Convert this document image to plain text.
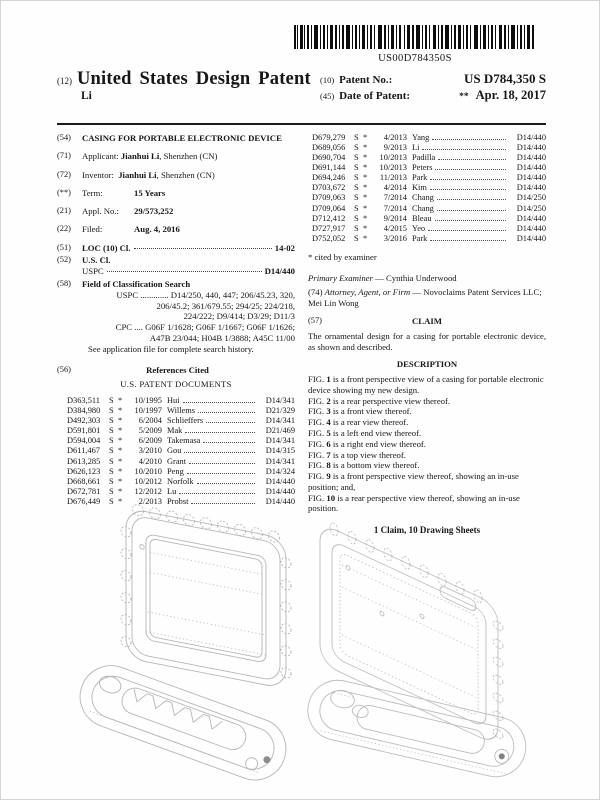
US00D784350S
(12) United States Design Patent
Li
(10) Patent No.:	US D784,350 S
(45) Date of Patent:	** Apr. 18, 2017
(54)	CASING FOR PORTABLE ELECTRONIC DEVICE
(71)	Applicant: Jianhui Li, Shenzhen (CN)
(72)	Inventor: Jianhui Li, Shenzhen (CN)
(**)	Term:	15 Years
(21)	Appl. No.: 29/573,252
(22)	Filed:	Aug. 4, 2016
(51)	LOC (10) Cl.	14-02
(52)	U.S. Cl.
USPC	D14/440
(58)	Field of Classification Search
USPC ............. D14/250, 440, 447; 206/45.23, 320,
206/45.2; 361/679.55; 294/25; 224/218,
224/222; D9/414; D3/29; D11/3
CPC .... G06F 1/1628; G06F 1/1667; G06F 1/1626;
A47B 23/044; H04B 1/3888; A45C 11/00
See application file for complete search history.
(56)	References Cited
U.S. PATENT DOCUMENTS
D363,511	S *	10/1995 Hui	D14/341
D384,980	S *	10/1997 Willems	D21/329
D492,303	S *	6/2004 Schlieffers	D14/341
D591,801	S *	5/2009 Mak	D21/469
D594,004	S *	6/2009 Takemasa	D14/341
D611,467	S *	3/2010 Gou	D14/315
D613,285	S *	4/2010 Grant	D14/341
D626,123	S *	10/2010 Peng	D14/324
D668,661	S *	10/2012 Norfolk	D14/440
D672,781	S *	12/2012 Lu	D14/440
D676,449	S *	2/2013 Probst	D14/440
D679,279	S *	4/2013 Yang	D14/440
D689,056	S *	9/2013 Li	D14/440
D690,704	S *	10/2013 Padilla	D14/440
D691,144	S *	10/2013 Peters	D14/440
D694,246	S *	11/2013 Park	D14/440
D703,672	S *	4/2014 Kim	D14/440
D709,063	S *	7/2014 Chang	D14/250
D709,064	S *	7/2014 Chang	D14/250
D712,412	S *	9/2014 Bleau	D14/440
D727,917	S *	4/2015 Yeo	D14/440
D752,052	S *	3/2016 Park	D14/440
* cited by examiner
Primary Examiner — Cynthia Underwood
(74) Attorney, Agent, or Firm — Novoclaims Patent Services LLC; Mei Lin Wong
(57)	CLAIM
The ornamental design for a casing for portable electronic device, as shown and described.
DESCRIPTION
FIG. 1 is a front perspective view of a casing for portable electronic device showing my new design.
FIG. 2 is a rear perspective view thereof.
FIG. 3 is a front view thereof.
FIG. 4 is a rear view thereof.
FIG. 5 is a left end view thereof.
FIG. 6 is a right end view thereof.
FIG. 7 is a top view thereof.
FIG. 8 is a bottom view thereof.
FIG. 9 is a front perspective view thereof, showing an in-use position; and,
FIG. 10 is a rear perspective view thereof, showing an in-use position.
1 Claim, 10 Drawing Sheets
